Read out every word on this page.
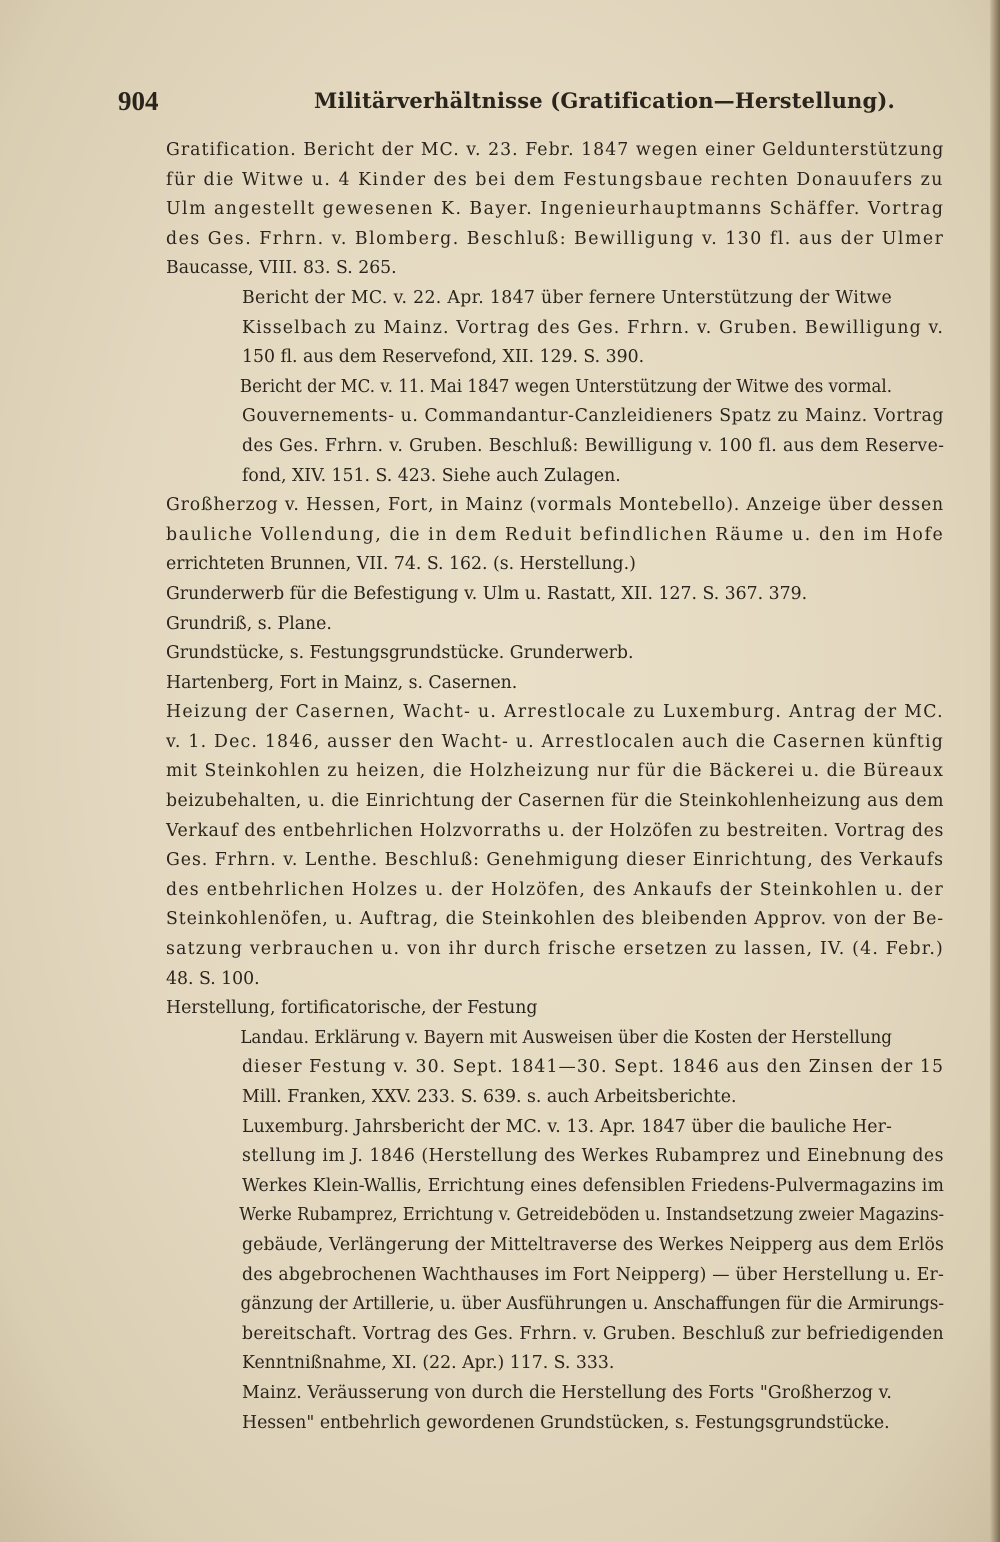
904	Militärverhältnisse (Gratification—Herstellung).

Gratification. Bericht der MC. v. 23. Febr. 1847 wegen einer Geldunterstützung
für die Witwe u. 4 Kinder des bei dem Festungsbaue rechten Donauufers zu
Ulm angestellt gewesenen K. Bayer. Ingenieurhauptmanns Schäffer. Vortrag
des Ges. Frhrn. v. Blomberg. Beschluß: Bewilligung v. 130 fl. aus der Ulmer
Baucasse, VIII. 83. S. 265.

Bericht der MC. v. 22. Apr. 1847 über fernere Unterstützung der Witwe
Kisselbach zu Mainz. Vortrag des Ges. Frhrn. v. Gruben. Bewilligung v.
150 fl. aus dem Reservefond, XII. 129. S. 390.

Bericht der MC. v. 11. Mai 1847 wegen Unterstützung der Witwe des vormal.
Gouvernements- u. Commandantur-Canzleidieners Spatz zu Mainz. Vortrag
des Ges. Frhrn. v. Gruben. Beschluß: Bewilligung v. 100 fl. aus dem Reserve-
fond, XIV. 151. S. 423. Siehe auch Zulagen.

Großherzog v. Hessen, Fort, in Mainz (vormals Montebello). Anzeige über dessen
bauliche Vollendung, die in dem Reduit befindlichen Räume u. den im Hofe
errichteten Brunnen, VII. 74. S. 162. (s. Herstellung.)

Grunderwerb für die Befestigung v. Ulm u. Rastatt, XII. 127. S. 367. 379.

Grundriß, s. Plane.

Grundstücke, s. Festungsgrundstücke. Grunderwerb.

Hartenberg, Fort in Mainz, s. Casernen.

Heizung der Casernen, Wacht- u. Arrestlocale zu Luxemburg. Antrag der MC.
v. 1. Dec. 1846, ausser den Wacht- u. Arrestlocalen auch die Casernen künftig
mit Steinkohlen zu heizen, die Holzheizung nur für die Bäckerei u. die Büreaux
beizubehalten, u. die Einrichtung der Casernen für die Steinkohlenheizung aus dem
Verkauf des entbehrlichen Holzvorraths u. der Holzöfen zu bestreiten. Vortrag des
Ges. Frhrn. v. Lenthe. Beschluß: Genehmigung dieser Einrichtung, des Verkaufs
des entbehrlichen Holzes u. der Holzöfen, des Ankaufs der Steinkohlen u. der
Steinkohlenöfen, u. Auftrag, die Steinkohlen des bleibenden Approv. von der Be-
satzung verbrauchen u. von ihr durch frische ersetzen zu lassen, IV. (4. Febr.)
48. S. 100.

Herstellung, fortificatorische, der Festung

Landau. Erklärung v. Bayern mit Ausweisen über die Kosten der Herstellung
dieser Festung v. 30. Sept. 1841—30. Sept. 1846 aus den Zinsen der 15
Mill. Franken, XXV. 233. S. 639. s. auch Arbeitsberichte.

Luxemburg. Jahrsbericht der MC. v. 13. Apr. 1847 über die bauliche Her-
stellung im J. 1846 (Herstellung des Werkes Rubamprez und Einebnung des
Werkes Klein-Wallis, Errichtung eines defensiblen Friedens-Pulvermagazins im
Werke Rubamprez, Errichtung v. Getreideböden u. Instandsetzung zweier Magazins-
gebäude, Verlängerung der Mitteltraverse des Werkes Neipperg aus dem Erlös
des abgebrochenen Wachthauses im Fort Neipperg) — über Herstellung u. Er-
gänzung der Artillerie, u. über Ausführungen u. Anschaffungen für die Armirungs-
bereitschaft. Vortrag des Ges. Frhrn. v. Gruben. Beschluß zur befriedigenden
Kenntnißnahme, XI. (22. Apr.) 117. S. 333.

Mainz. Veräusserung von durch die Herstellung des Forts "Großherzog v.
Hessen" entbehrlich gewordenen Grundstücken, s. Festungsgrundstücke.
